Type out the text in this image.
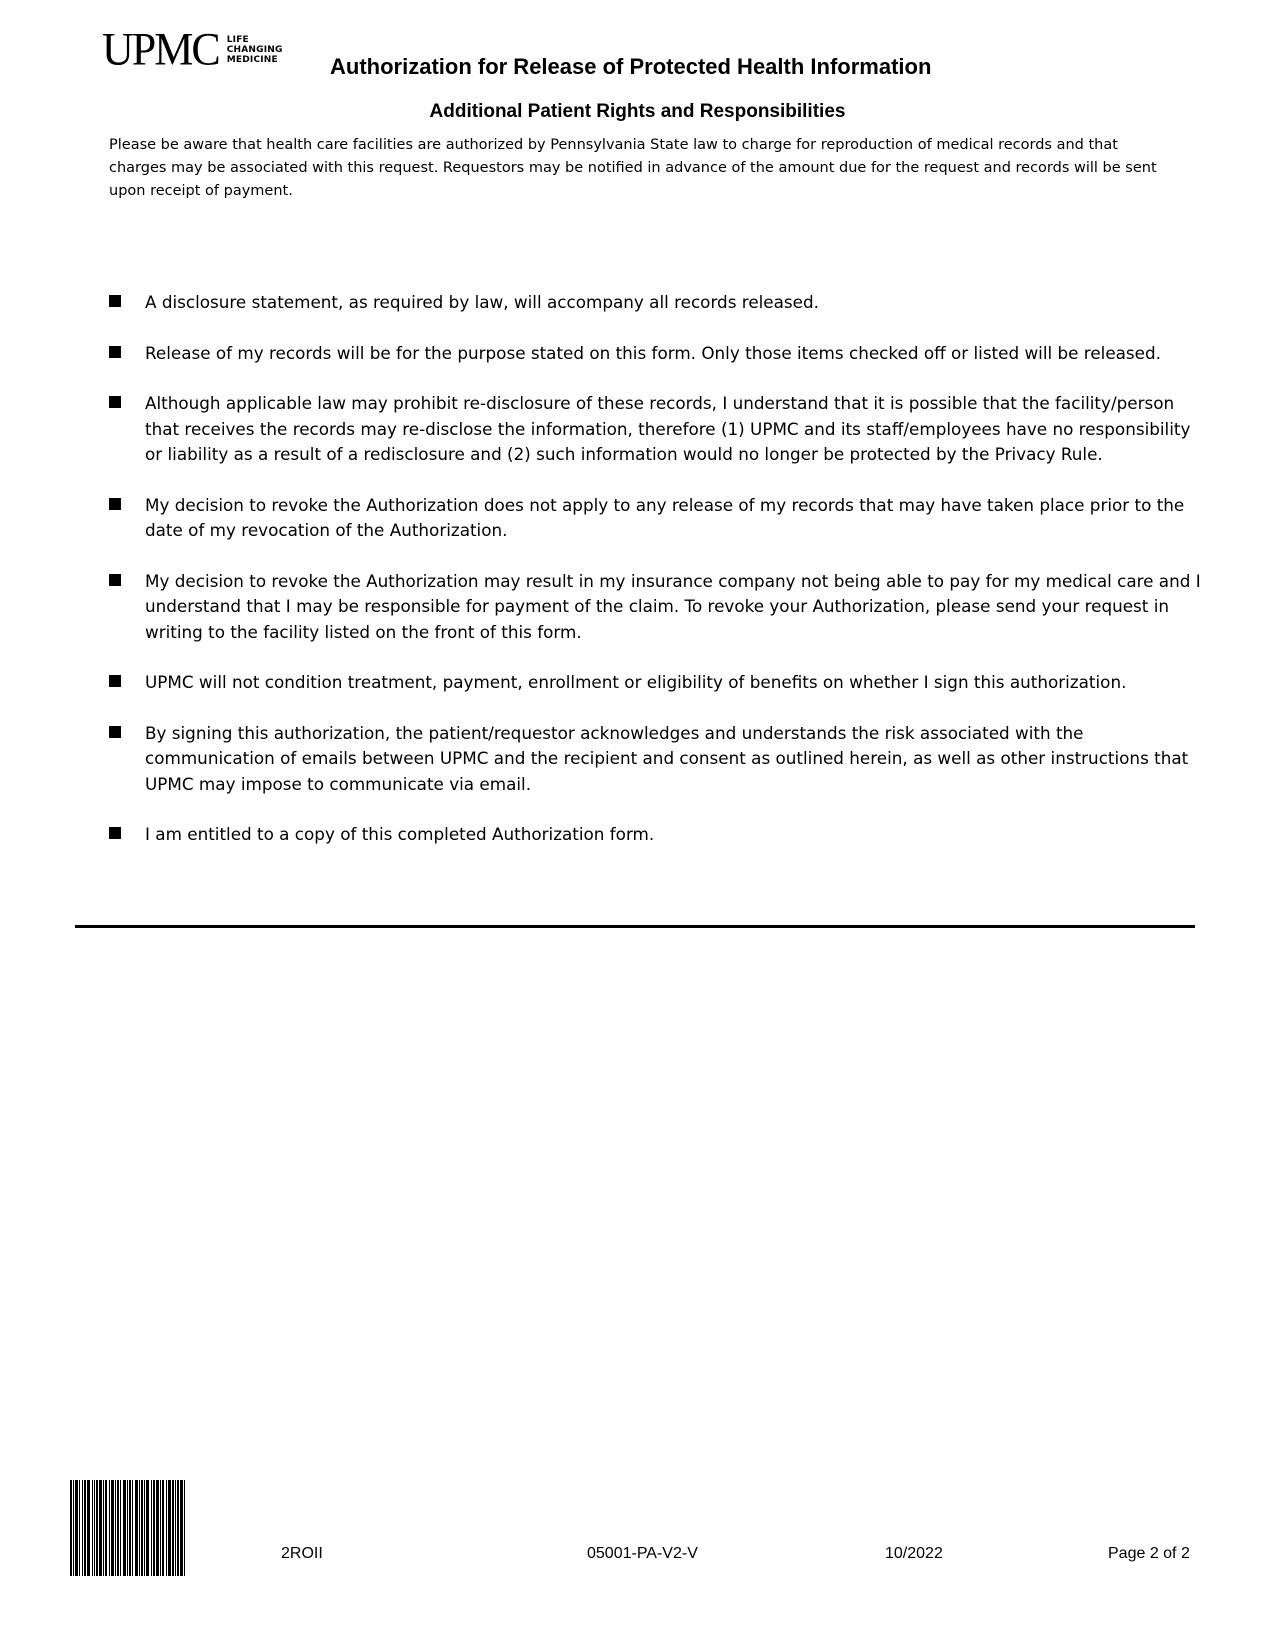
UPMC LIFE
CHANGING
MEDICINE Authorization for Release of Protected Health Information
Additional Patient Rights and Responsibilities

Please be aware that health care facilities are authorized by Pennsylvania State law to charge for reproduction of medical records and that charges may be associated with this request. Requestors may be notified in advance of the amount due for the request and records will be sent upon receipt of payment.

A disclosure statement, as required by law, will accompany all records released.
Release of my records will be for the purpose stated on this form. Only those items checked off or listed will be released.
Although applicable law may prohibit re-disclosure of these records, I understand that it is possible that the facility/person that receives the records may re-disclose the information, therefore (1) UPMC and its staff/employees have no responsibility or liability as a result of a redisclosure and (2) such information would no longer be protected by the Privacy Rule.
My decision to revoke the Authorization does not apply to any release of my records that may have taken place prior to the date of my revocation of the Authorization.
My decision to revoke the Authorization may result in my insurance company not being able to pay for my medical care and I understand that I may be responsible for payment of the claim. To revoke your Authorization, please send your request in writing to the facility listed on the front of this form.
UPMC will not condition treatment, payment, enrollment or eligibility of benefits on whether I sign this authorization.
By signing this authorization, the patient/requestor acknowledges and understands the risk associated with the communication of emails between UPMC and the recipient and consent as outlined herein, as well as other instructions that UPMC may impose to communicate via email.
I am entitled to a copy of this completed Authorization form.
2ROII	05001-PA-V2-V	10/2022	Page 2 of 2
